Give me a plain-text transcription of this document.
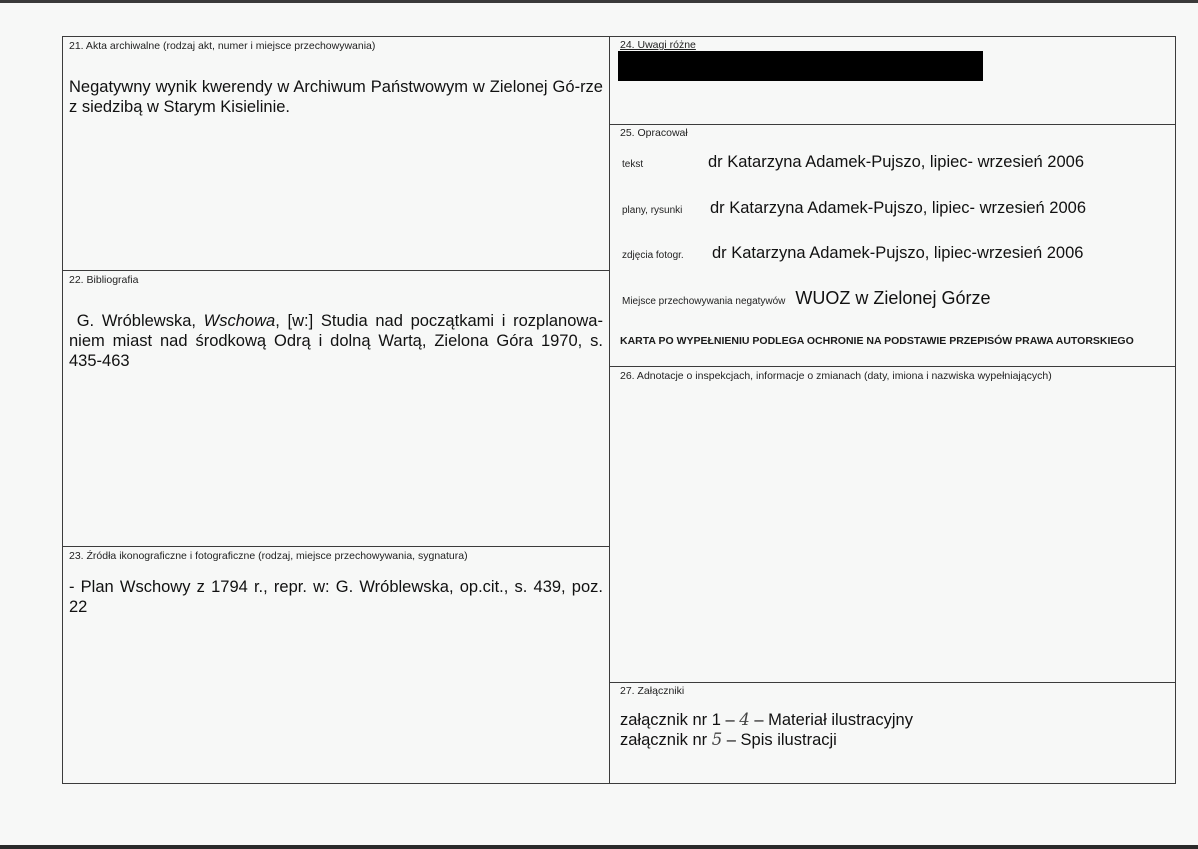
21. Akta archiwalne (rodzaj akt, numer i miejsce przechowywania)
Negatywny wynik kwerendy w Archiwum Państwowym w Zielonej Gó-rze z siedzibą w Starym Kisielinie.
22. Bibliografia
G. Wróblewska, Wschowa, [w:] Studia nad początkami i rozplanowa-niem miast nad środkową Odrą i dolną Wartą, Zielona Góra 1970, s. 435-463
23. Źródła ikonograficzne i fotograficzne (rodzaj, miejsce przechowywania, sygnatura)
- Plan Wschowy z 1794 r., repr. w: G. Wróblewska, op.cit., s. 439, poz. 22
24. Uwagi różne
25. Opracował
tekst	dr Katarzyna Adamek-Pujszo, lipiec- wrzesień 2006
plany, rysunki	dr Katarzyna Adamek-Pujszo, lipiec- wrzesień 2006
zdjęcia fotogr.	dr Katarzyna Adamek-Pujszo, lipiec-wrzesień 2006
Miejsce przechowywania negatywów WUOZ w Zielonej Górze
KARTA PO WYPEŁNIENIU PODLEGA OCHRONIE NA PODSTAWIE PRZEPISÓW PRAWA AUTORSKIEGO
26. Adnotacje o inspekcjach, informacje o zmianach (daty, imiona i nazwiska wypełniających)
27. Załączniki
załącznik nr 1 – 4 – Materiał ilustracyjny
załącznik nr 5 – Spis ilustracji
